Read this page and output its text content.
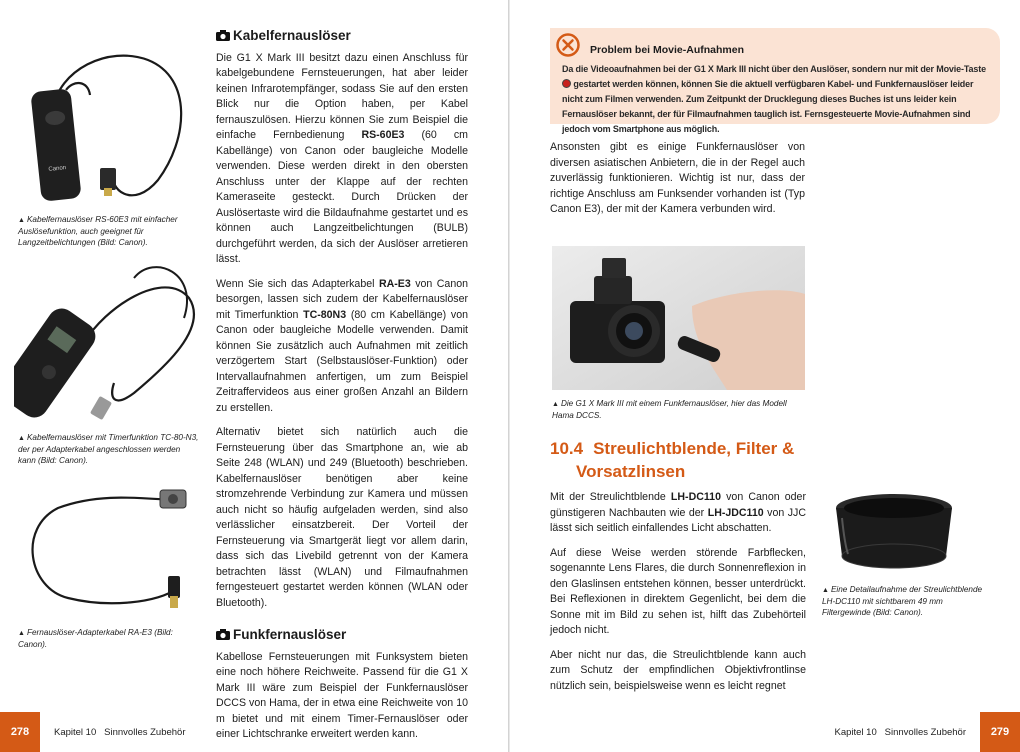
Canon
▲ Kabelfernauslöser RS-60E3 mit einfacher Auslösefunktion, auch geeignet für Langzeitbelichtungen (Bild: Canon).
▲ Kabelfernauslöser mit Timerfunktion TC-80-N3, der per Adapterkabel angeschlossen werden kann (Bild: Canon).
▲ Fernauslöser-Adapterkabel RA-E3 (Bild: Canon).
Kabelfernauslöser

Die G1 X Mark III besitzt dazu einen Anschluss für kabelgebundene Fernsteuerungen, hat aber leider keinen Infrarotempfänger, sodass Sie auf den ersten Blick nur die Option haben, per Kabel fernauszulösen. Hierzu können Sie zum Beispiel die einfache Fernbedienung RS-60E3 (60 cm Kabellänge) von Canon oder baugleiche Modelle verwenden. Diese werden direkt in den obersten Anschluss unter der Klappe auf der rechten Kameraseite gesteckt. Durch Drücken der Auslösertaste wird die Bildaufnahme gestartet und es können auch Langzeitbelichtungen (BULB) durchgeführt werden, da sich der Auslöser arretieren lässt.

Wenn Sie sich das Adapterkabel RA-E3 von Canon besorgen, lassen sich zudem der Kabelfernauslöser mit Timerfunktion TC-80N3 (80 cm Kabellänge) von Canon oder baugleiche Modelle verwenden. Damit können Sie zusätzlich auch Aufnahmen mit zeitlich verzögertem Start (Selbstauslöser-Funktion) oder Intervallaufnahmen anfertigen, um zum Beispiel Zeitraffervideos aus einer großen Anzahl an Bildern zu erstellen.

Alternativ bietet sich natürlich auch die Fernsteuerung über das Smartphone an, wie ab Seite 248 (WLAN) und 249 (Bluetooth) beschrieben. Kabelfernauslöser benötigen aber keine stromzehrende Verbindung zur Kamera und müssen auch nicht so häufig aufgeladen werden, sind also verlässlicher einsatzbereit. Der Vorteil der Fernsteuerung via Smartgerät liegt vor allem darin, dass sich das Livebild getrennt von der Kamera betrachten lässt (WLAN) und Filmaufnahmen ferngesteuert gestartet werden können (WLAN oder Bluetooth).

Funkfernauslöser

Kabellose Fernsteuerungen mit Funksystem bieten eine noch höhere Reichweite. Passend für die G1 X Mark III wäre zum Beispiel der Funkfernauslöser DCCS von Hama, der in etwa eine Reichweite von 10 m bietet und mit einem Timer-Fernauslöser oder einer Lichtschranke erweitert werden kann.

278	Kapitel 10   Sinnvolles Zubehör
Problem bei Movie-Aufnahmen
Da die Videoaufnahmen bei der G1 X Mark III nicht über den Auslöser, sondern nur mit der Movie-Taste  gestartet werden können, können Sie die aktuell verfügbaren Kabel- und Funkfernauslöser leider nicht zum Filmen verwenden. Zum Zeitpunkt der Drucklegung dieses Buches ist uns leider kein Fernauslöser bekannt, der für Filmaufnahmen tauglich ist. Fernsgesteuerte Movie-Aufnahmen sind jedoch vom Smartphone aus möglich.

Ansonsten gibt es einige Funkfernauslöser von diversen asiatischen Anbietern, die in der Regel auch zuverlässig funktionieren. Wichtig ist nur, dass der richtige Anschluss am Funksender vorhanden ist (Typ Canon E3), der mit der Kamera verbunden wird.

▲ Die G1 X Mark III mit einem Funkfernauslöser, hier das Modell Hama DCCS.
10.4 Streulichtblende, Filter &
Vorsatzlinsen

Mit der Streulichtblende LH-DC110 von Canon oder günstigeren Nachbauten wie der LH-JDC110 von JJC lässt sich seitlich einfallendes Licht abschatten.

Auf diese Weise werden störende Farbflecken, sogenannte Lens Flares, die durch Sonnenreflexion in den Glaslinsen entstehen können, besser unterdrückt. Bei Reflexionen in direktem Gegenlicht, bei dem die Sonne mit im Bild zu sehen ist, hilft das Zubehörteil jedoch nicht.

Aber nicht nur das, die Streulichtblende kann auch zum Schutz der empfindlichen Objektivfrontlinse nützlich sein, beispielsweise wenn es leicht regnet

▲ Eine Detailaufnahme der Streulichtblende LH-DC110 mit sichtbarem 49 mm Filtergewinde (Bild: Canon).
Kapitel 10   Sinnvolles Zubehör	279
